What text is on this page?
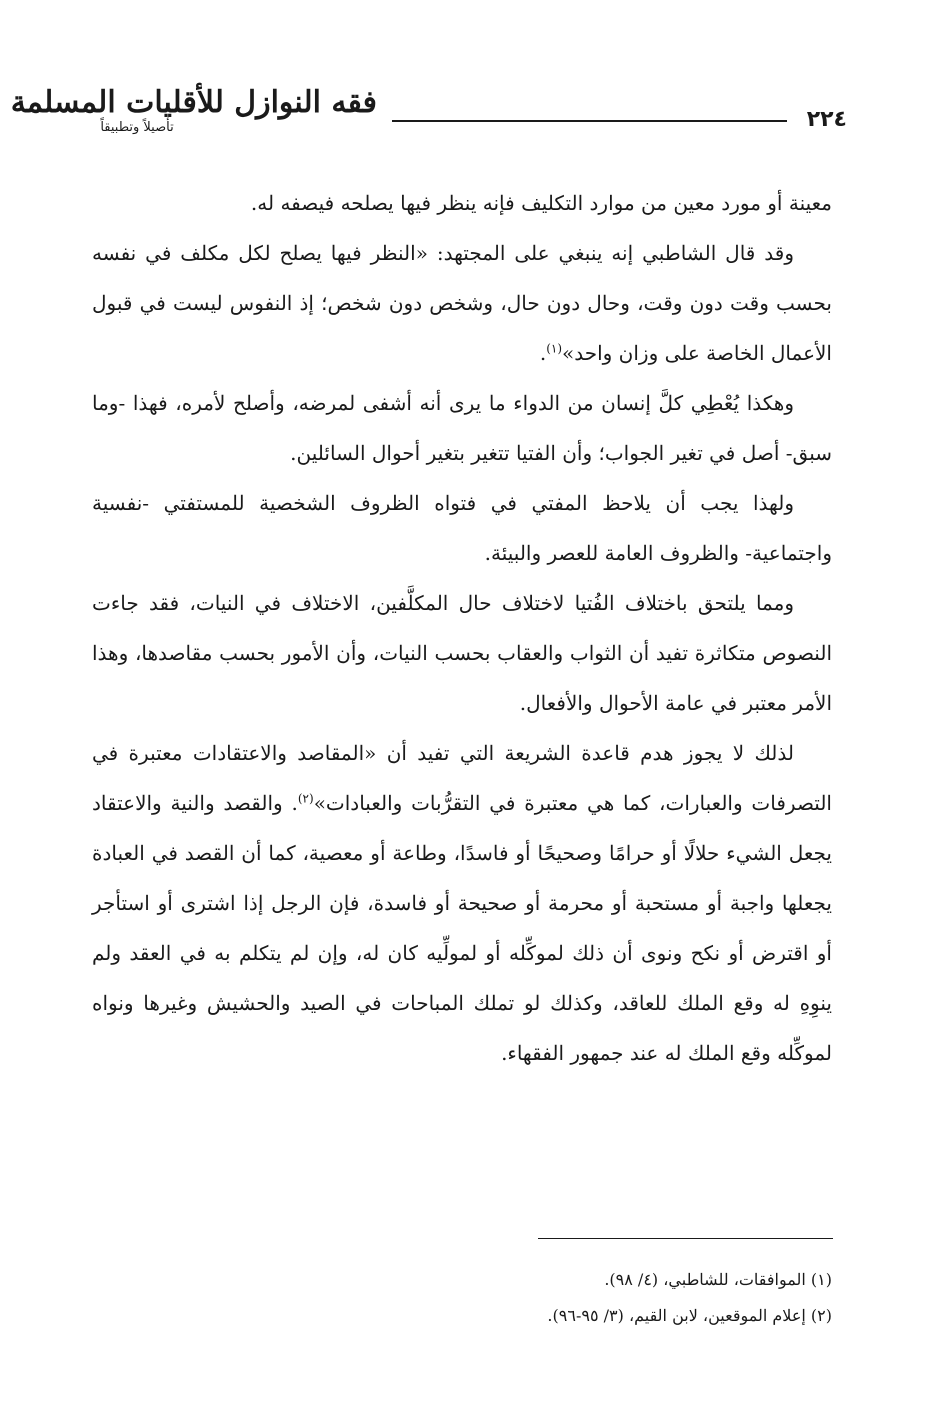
فقه النوازل للأقليات المسلمة
تأصيلاً وتطبيقاً	٢٢٤

معينة أو مورد معين من موارد التكليف فإنه ينظر فيها يصلحه فيصفه له.

وقد قال الشاطبي إنه ينبغي على المجتهد: «النظر فيها يصلح لكل مكلف في نفسه بحسب وقت دون وقت، وحال دون حال، وشخص دون شخص؛ إذ النفوس ليست في قبول الأعمال الخاصة على وزان واحد»$^{(١)}$.

وهكذا يُعْطِي كلَّ إنسان من الدواء ما يرى أنه أشفى لمرضه، وأصلح لأمره، فهذا -وما سبق- أصل في تغير الجواب؛ وأن الفتيا تتغير بتغير أحوال السائلين.

ولهذا يجب أن يلاحظ المفتي في فتواه الظروف الشخصية للمستفتي -نفسية واجتماعية- والظروف العامة للعصر والبيئة.

ومما يلتحق باختلاف الفُتيا لاختلاف حال المكلَّفين، الاختلاف في النيات، فقد جاءت النصوص متكاثرة تفيد أن الثواب والعقاب بحسب النيات، وأن الأمور بحسب مقاصدها، وهذا الأمر معتبر في عامة الأحوال والأفعال.

لذلك لا يجوز هدم قاعدة الشريعة التي تفيد أن «المقاصد والاعتقادات معتبرة في التصرفات والعبارات، كما هي معتبرة في التقرُّبات والعبادات»$^{(٢)}$. والقصد والنية والاعتقاد يجعل الشيء حلالًا أو حرامًا وصحيحًا أو فاسدًا، وطاعة أو معصية، كما أن القصد في العبادة يجعلها واجبة أو مستحبة أو محرمة أو صحيحة أو فاسدة، فإن الرجل إذا اشترى أو استأجر أو اقترض أو نكح ونوى أن ذلك لموكِّله أو لمولِّيه كان له، وإن لم يتكلم به في العقد ولم ينوِهِ له وقع الملك للعاقد، وكذلك لو تملك المباحات في الصيد والحشيش وغيرها ونواه لموكِّله وقع الملك له عند جمهور الفقهاء.

(١) الموافقات، للشاطبي، (٤/ ٩٨).

(٢) إعلام الموقعين، لابن القيم، (٣/ ٩٥-٩٦).
